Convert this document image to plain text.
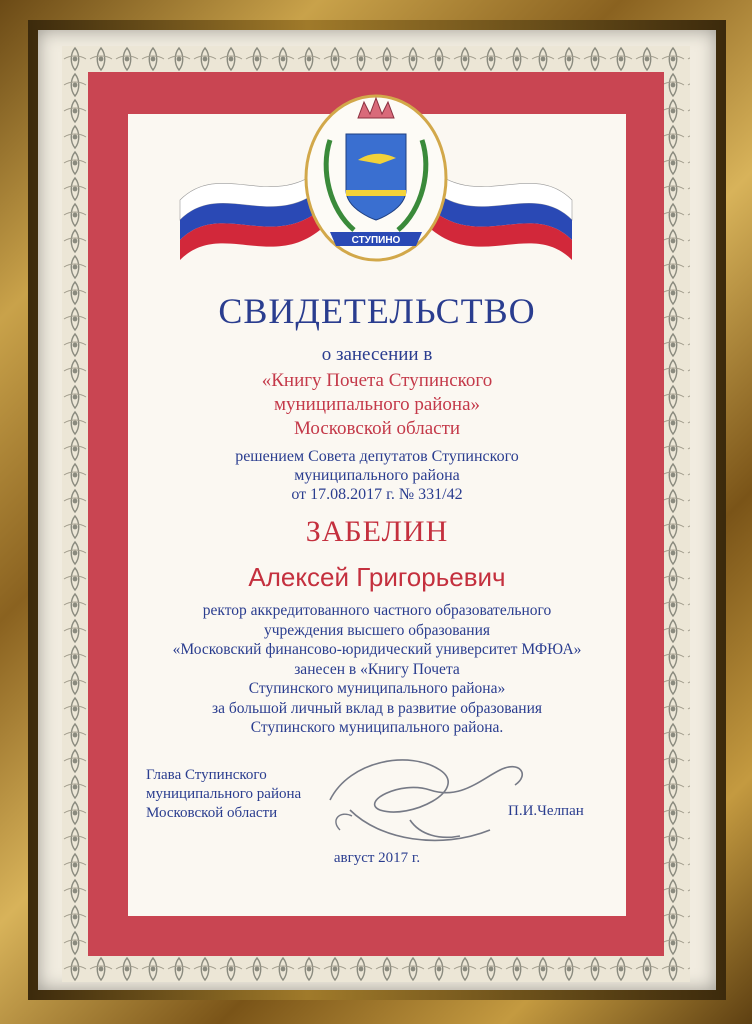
СТУПИНО
СВИДЕТЕЛЬСТВО
о занесении в
«Книгу Почета Ступинского
муниципального района»
Московской области
решением Совета депутатов Ступинского
муниципального района
от 17.08.2017 г. № 331/42
ЗАБЕЛИН
Алексей Григорьевич
ректор аккредитованного частного образовательного
учреждения высшего образования
«Московский финансово-юридический университет МФЮА»
занесен в «Книгу Почета
Ступинского муниципального района»
за большой личный вклад в развитие образования
Ступинского муниципального района.
Глава Ступинского
муниципального района
Московской области	П.И.Челпан
август 2017 г.
